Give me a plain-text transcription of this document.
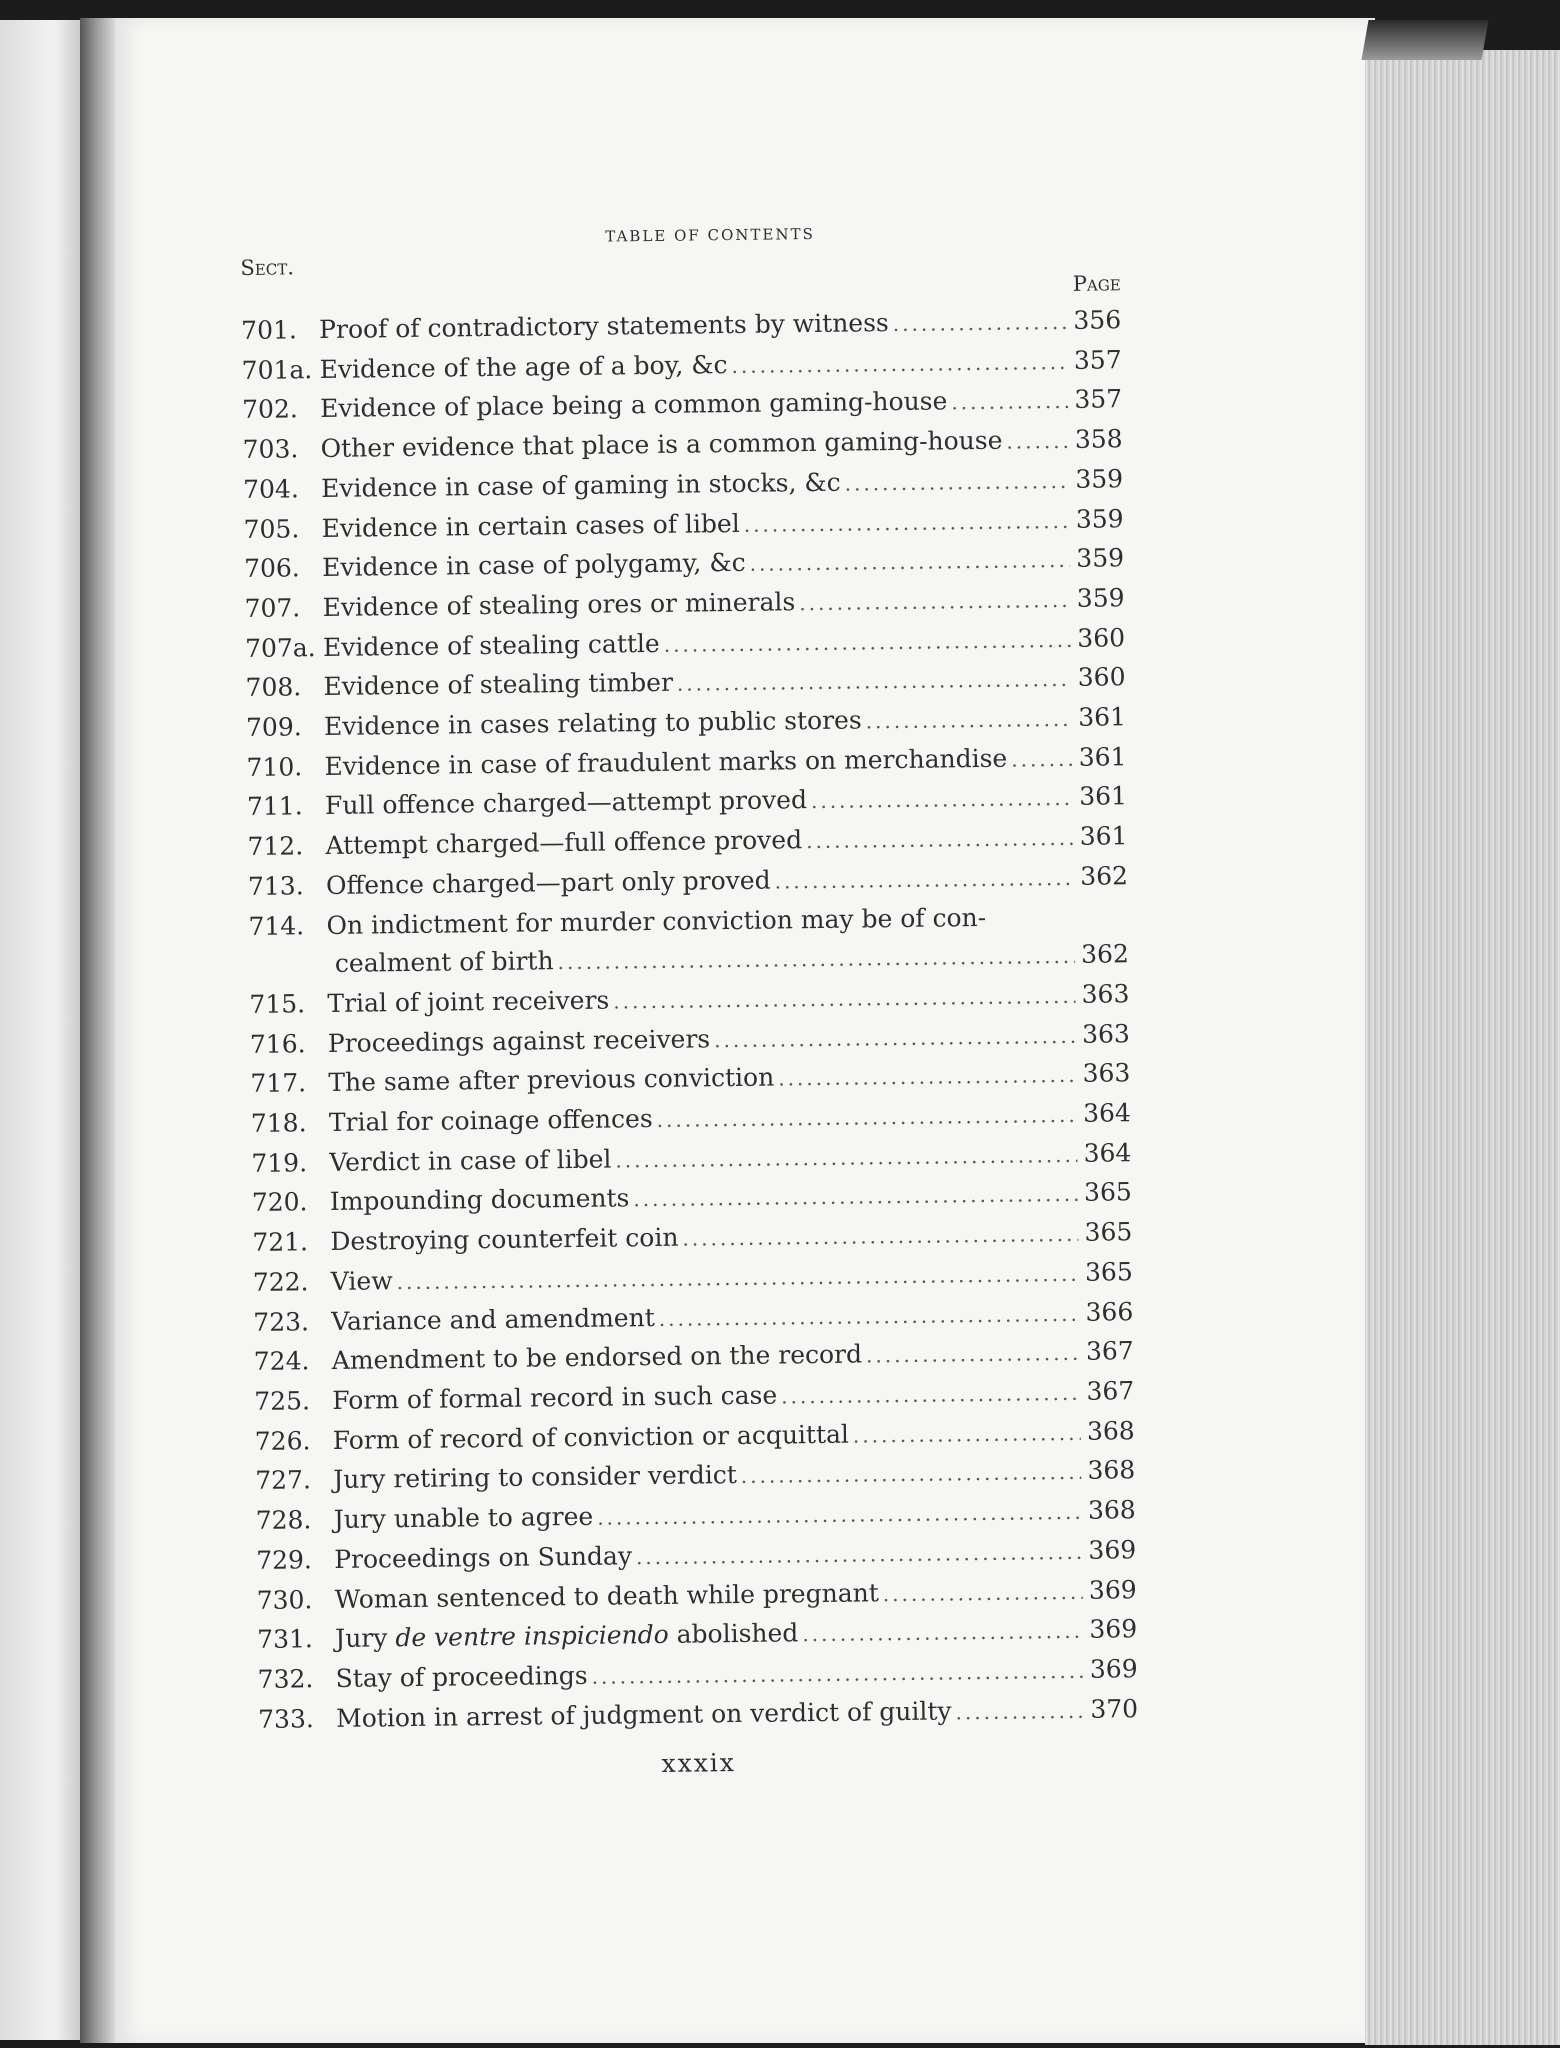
TABLE OF CONTENTS
Sect.
Page
701. Proof of contradictory statements by witness .....	356
701a. Evidence of the age of a boy, &c .....	357
702. Evidence of place being a common gaming-house .....	357
703. Other evidence that place is a common gaming-house .....	358
704. Evidence in case of gaming in stocks, &c .....	359
705. Evidence in certain cases of libel .....	359
706. Evidence in case of polygamy, &c .....	359
707. Evidence of stealing ores or minerals .....	359
707a. Evidence of stealing cattle .....	360
708. Evidence of stealing timber .....	360
709. Evidence in cases relating to public stores .....	361
710. Evidence in case of fraudulent marks on merchandise .....	361
711. Full offence charged—attempt proved .....	361
712. Attempt charged—full offence proved .....	361
713. Offence charged—part only proved .....	362
714. On indictment for murder conviction may be of con-
cealment of birth .....	362
715. Trial of joint receivers .....	363
716. Proceedings against receivers .....	363
717. The same after previous conviction .....	363
718. Trial for coinage offences .....	364
719. Verdict in case of libel .....	364
720. Impounding documents .....	365
721. Destroying counterfeit coin .....	365
722. View .....	365
723. Variance and amendment .....	366
724. Amendment to be endorsed on the record .....	367
725. Form of formal record in such case .....	367
726. Form of record of conviction or acquittal .....	368
727. Jury retiring to consider verdict .....	368
728. Jury unable to agree .....	368
729. Proceedings on Sunday .....	369
730. Woman sentenced to death while pregnant .....	369
731. Jury de ventre inspiciendo abolished .....	369
732. Stay of proceedings .....	369
733. Motion in arrest of judgment on verdict of guilty .....	370
xxxix
